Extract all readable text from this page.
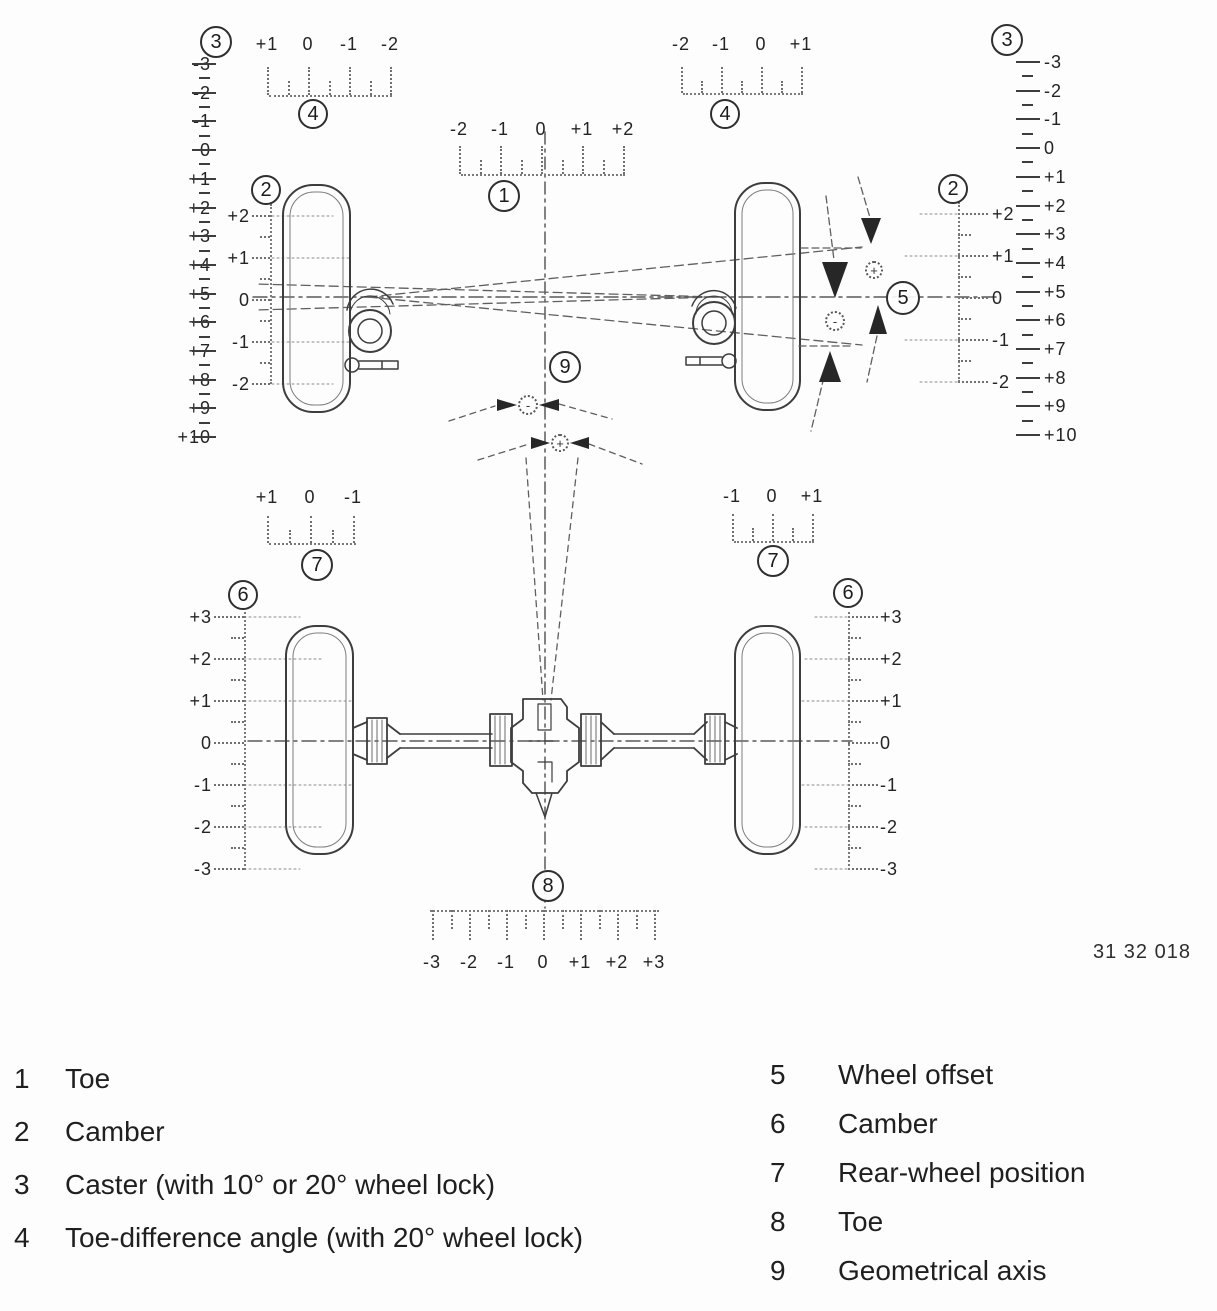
-3
-2
-1
0
+1
+2
+3
+4
+5
+6
+7
+8
+9
+10
3
+2
+1
0
-1
-2
2
+1 0 -1 -2
4
-2 -1 0 +1 +2
1
-2 -1 0 +1
4
-3
-2
-1
0
+1
+2
+3
+4
+5
+6
+7
+8
+9
+10
3
+2
+1
0
-1
-2
2
5
9
+1 0 -1
7
-1 0 +1
7
+3
+2
+1
0
-1
-2
-3
6
+3
+2
+1
0
-1
-2
-3
6
-3 -2 -1 0 +1 +2 +3
8
+
-
-
+
1	Toe
2	Camber
3	Caster (with 10° or 20° wheel lock)
4	Toe-difference angle (with 20° wheel lock)
5	Wheel offset
6	Camber
7	Rear-wheel position
8	Toe
9	Geometrical axis
31 32 018
